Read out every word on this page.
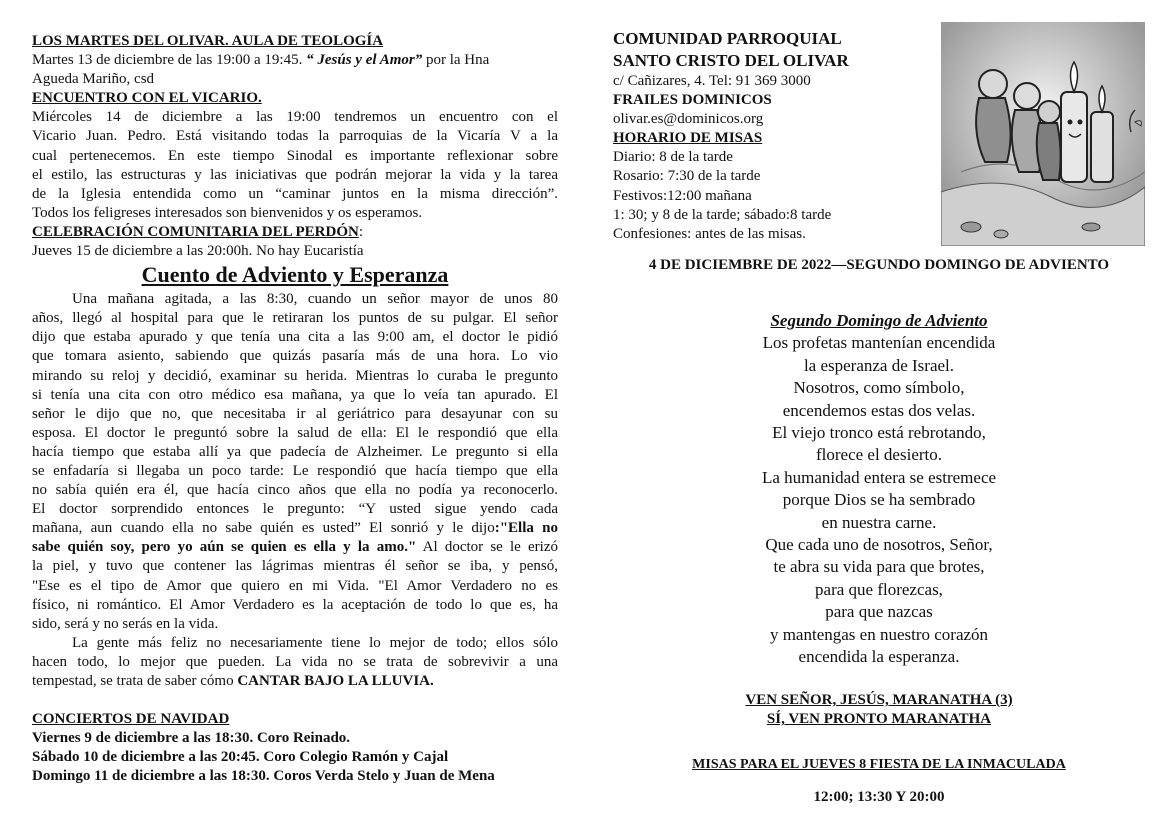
LOS MARTES DEL OLIVAR. AULA DE TEOLOGÍA
Martes 13 de diciembre de las 19:00 a 19:45. “ Jesús y el Amor” por la Hna
Agueda Mariño, csd
ENCUENTRO CON EL VICARIO.
Miércoles 14 de diciembre a las 19:00 tendremos un encuentro con el
Vicario Juan. Pedro. Está visitando todas la parroquias de la Vicaría V a la
cual pertenecemos. En este tiempo Sinodal es importante reflexionar sobre
el estilo, las estructuras y las iniciativas que podrán mejorar la vida y la tarea
de la Iglesia entendida como un “caminar juntos en la misma dirección”.
Todos los feligreses interesados son bienvenidos y os esperamos.
CELEBRACIÓN COMUNITARIA DEL PERDÓN:
Jueves 15 de diciembre a las 20:00h. No hay Eucaristía
Cuento de Adviento y Esperanza
Una mañana agitada, a las 8:30, cuando un señor mayor de unos 80
años, llegó al hospital para que le retiraran los puntos de su pulgar. El señor
dijo que estaba apurado y que tenía una cita a las 9:00 am, el doctor le pidió
que tomara asiento, sabiendo que quizás pasaría más de una hora. Lo vio
mirando su reloj y decidió, examinar su herida. Mientras lo curaba le pregunto
si tenía una cita con otro médico esa mañana, ya que lo veía tan apurado. El
señor le dijo que no, que necesitaba ir al geriátrico para desayunar con su
esposa. El doctor le preguntó sobre la salud de ella: El le respondió que ella
hacía tiempo que estaba allí ya que padecía de Alzheimer. Le pregunto si ella
se enfadaría si llegaba un poco tarde: Le respondió que hacía tiempo que ella
no sabía quién era él, que hacía cinco años que ella no podía ya reconocerlo.
El doctor sorprendido entonces le pregunto: “Y usted sigue yendo cada
mañana, aun cuando ella no sabe quién es usted” El sonrió y le dijo:"Ella no
sabe quién soy, pero yo aún se quien es ella y la amo." Al doctor se le erizó
la piel, y tuvo que contener las lágrimas mientras él señor se iba, y pensó,
"Ese es el tipo de Amor que quiero en mi Vida. "El Amor Verdadero no es
físico, ni romántico. El Amor Verdadero es la aceptación de todo lo que es, ha
sido, será y no serás en la vida.
La gente más feliz no necesariamente tiene lo mejor de todo; ellos sólo
hacen todo, lo mejor que pueden. La vida no se trata de sobrevivir a una
tempestad, se trata de saber cómo CANTAR BAJO LA LLUVIA.
CONCIERTOS DE NAVIDAD
Viernes 9 de diciembre a las 18:30. Coro Reinado.
Sábado 10 de diciembre a las 20:45. Coro Colegio Ramón y Cajal
Domingo 11 de diciembre a las 18:30. Coros Verda Stelo y Juan de Mena
COMUNIDAD PARROQUIAL
SANTO CRISTO DEL OLIVAR
c/ Cañizares, 4. Tel: 91 369 3000
FRAILES DOMINICOS
olivar.es@dominicos.org
HORARIO DE MISAS
Diario: 8 de la tarde
Rosario: 7:30 de la tarde
Festivos:12:00 mañana
1: 30; y 8 de la tarde; sábado:8 tarde
Confesiones: antes de las misas.
4 DE DICIEMBRE DE 2022—SEGUNDO DOMINGO DE ADVIENTO
Segundo Domingo de Adviento
Los profetas mantenían encendida
la esperanza de Israel.
Nosotros, como símbolo,
encendemos estas dos velas.
El viejo tronco está rebrotando,
florece el desierto.
La humanidad entera se estremece
porque Dios se ha sembrado
en nuestra carne.
Que cada uno de nosotros, Señor,
te abra su vida para que brotes,
para que florezcas,
para que nazcas
y mantengas en nuestro corazón
encendida la esperanza.
VEN SEÑOR, JESÚS, MARANATHA (3)
SÍ, VEN PRONTO MARANATHA
MISAS PARA EL JUEVES 8 FIESTA DE LA INMACULADA
12:00; 13:30 Y 20:00
